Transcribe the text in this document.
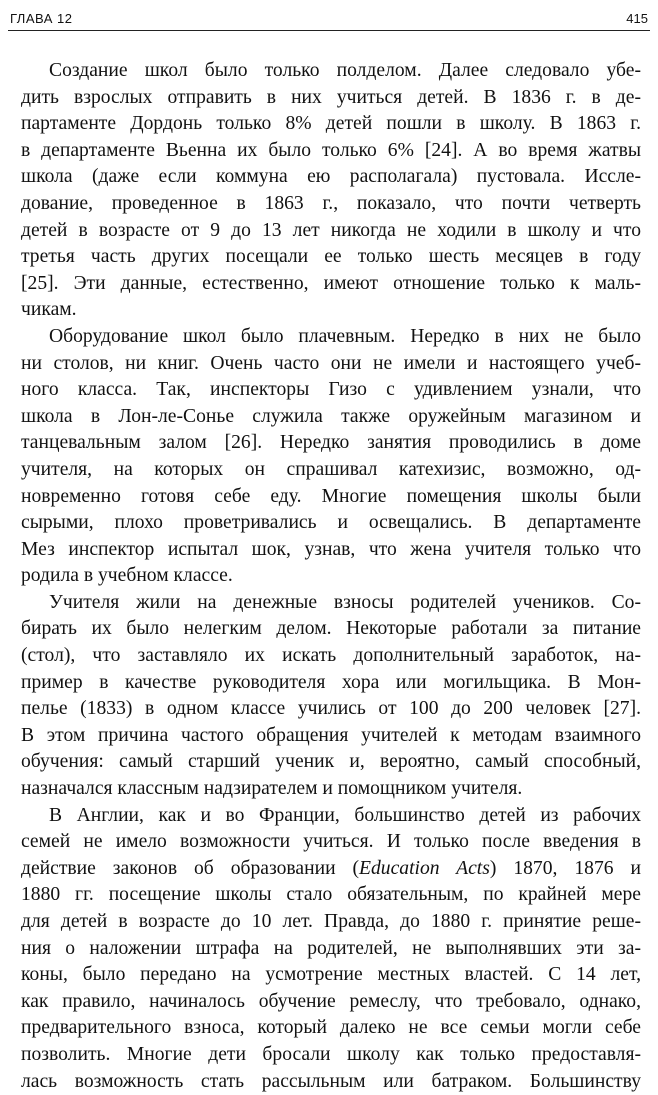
ГЛАВА 12	415
Создание школ было только полделом. Далее следовало убе-
дить взрослых отправить в них учиться детей. В 1836 г. в де-
партаменте Дордонь только 8% детей пошли в школу. В 1863 г.
в департаменте Вьенна их было только 6% [24]. А во время жатвы
школа (даже если коммуна ею располагала) пустовала. Иссле-
дование, проведенное в 1863 г., показало, что почти четверть
детей в возрасте от 9 до 13 лет никогда не ходили в школу и что
третья часть других посещали ее только шесть месяцев в году
[25]. Эти данные, естественно, имеют отношение только к маль-
чикам.
Оборудование школ было плачевным. Нередко в них не было
ни столов, ни книг. Очень часто они не имели и настоящего учеб-
ного класса. Так, инспекторы Гизо с удивлением узнали, что
школа в Лон-ле-Сонье служила также оружейным магазином и
танцевальным залом [26]. Нередко занятия проводились в доме
учителя, на которых он спрашивал катехизис, возможно, од-
новременно готовя себе еду. Многие помещения школы были
сырыми, плохо проветривались и освещались. В департаменте
Мез инспектор испытал шок, узнав, что жена учителя только что
родила в учебном классе.
Учителя жили на денежные взносы родителей учеников. Со-
бирать их было нелегким делом. Некоторые работали за питание
(стол), что заставляло их искать дополнительный заработок, на-
пример в качестве руководителя хора или могильщика. В Мон-
пелье (1833) в одном классе учились от 100 до 200 человек [27].
В этом причина частого обращения учителей к методам взаимного
обучения: самый старший ученик и, вероятно, самый способный,
назначался классным надзирателем и помощником учителя.
В Англии, как и во Франции, большинство детей из рабочих
семей не имело возможности учиться. И только после введения в
действие законов об образовании (Education Acts) 1870, 1876 и
1880 гг. посещение школы стало обязательным, по крайней мере
для детей в возрасте до 10 лет. Правда, до 1880 г. принятие реше-
ния о наложении штрафа на родителей, не выполнявших эти за-
коны, было передано на усмотрение местных властей. С 14 лет,
как правило, начиналось обучение ремеслу, что требовало, однако,
предварительного взноса, который далеко не все семьи могли себе
позволить. Многие дети бросали школу как только предоставля-
лась возможность стать рассыльным или батраком. Большинству
